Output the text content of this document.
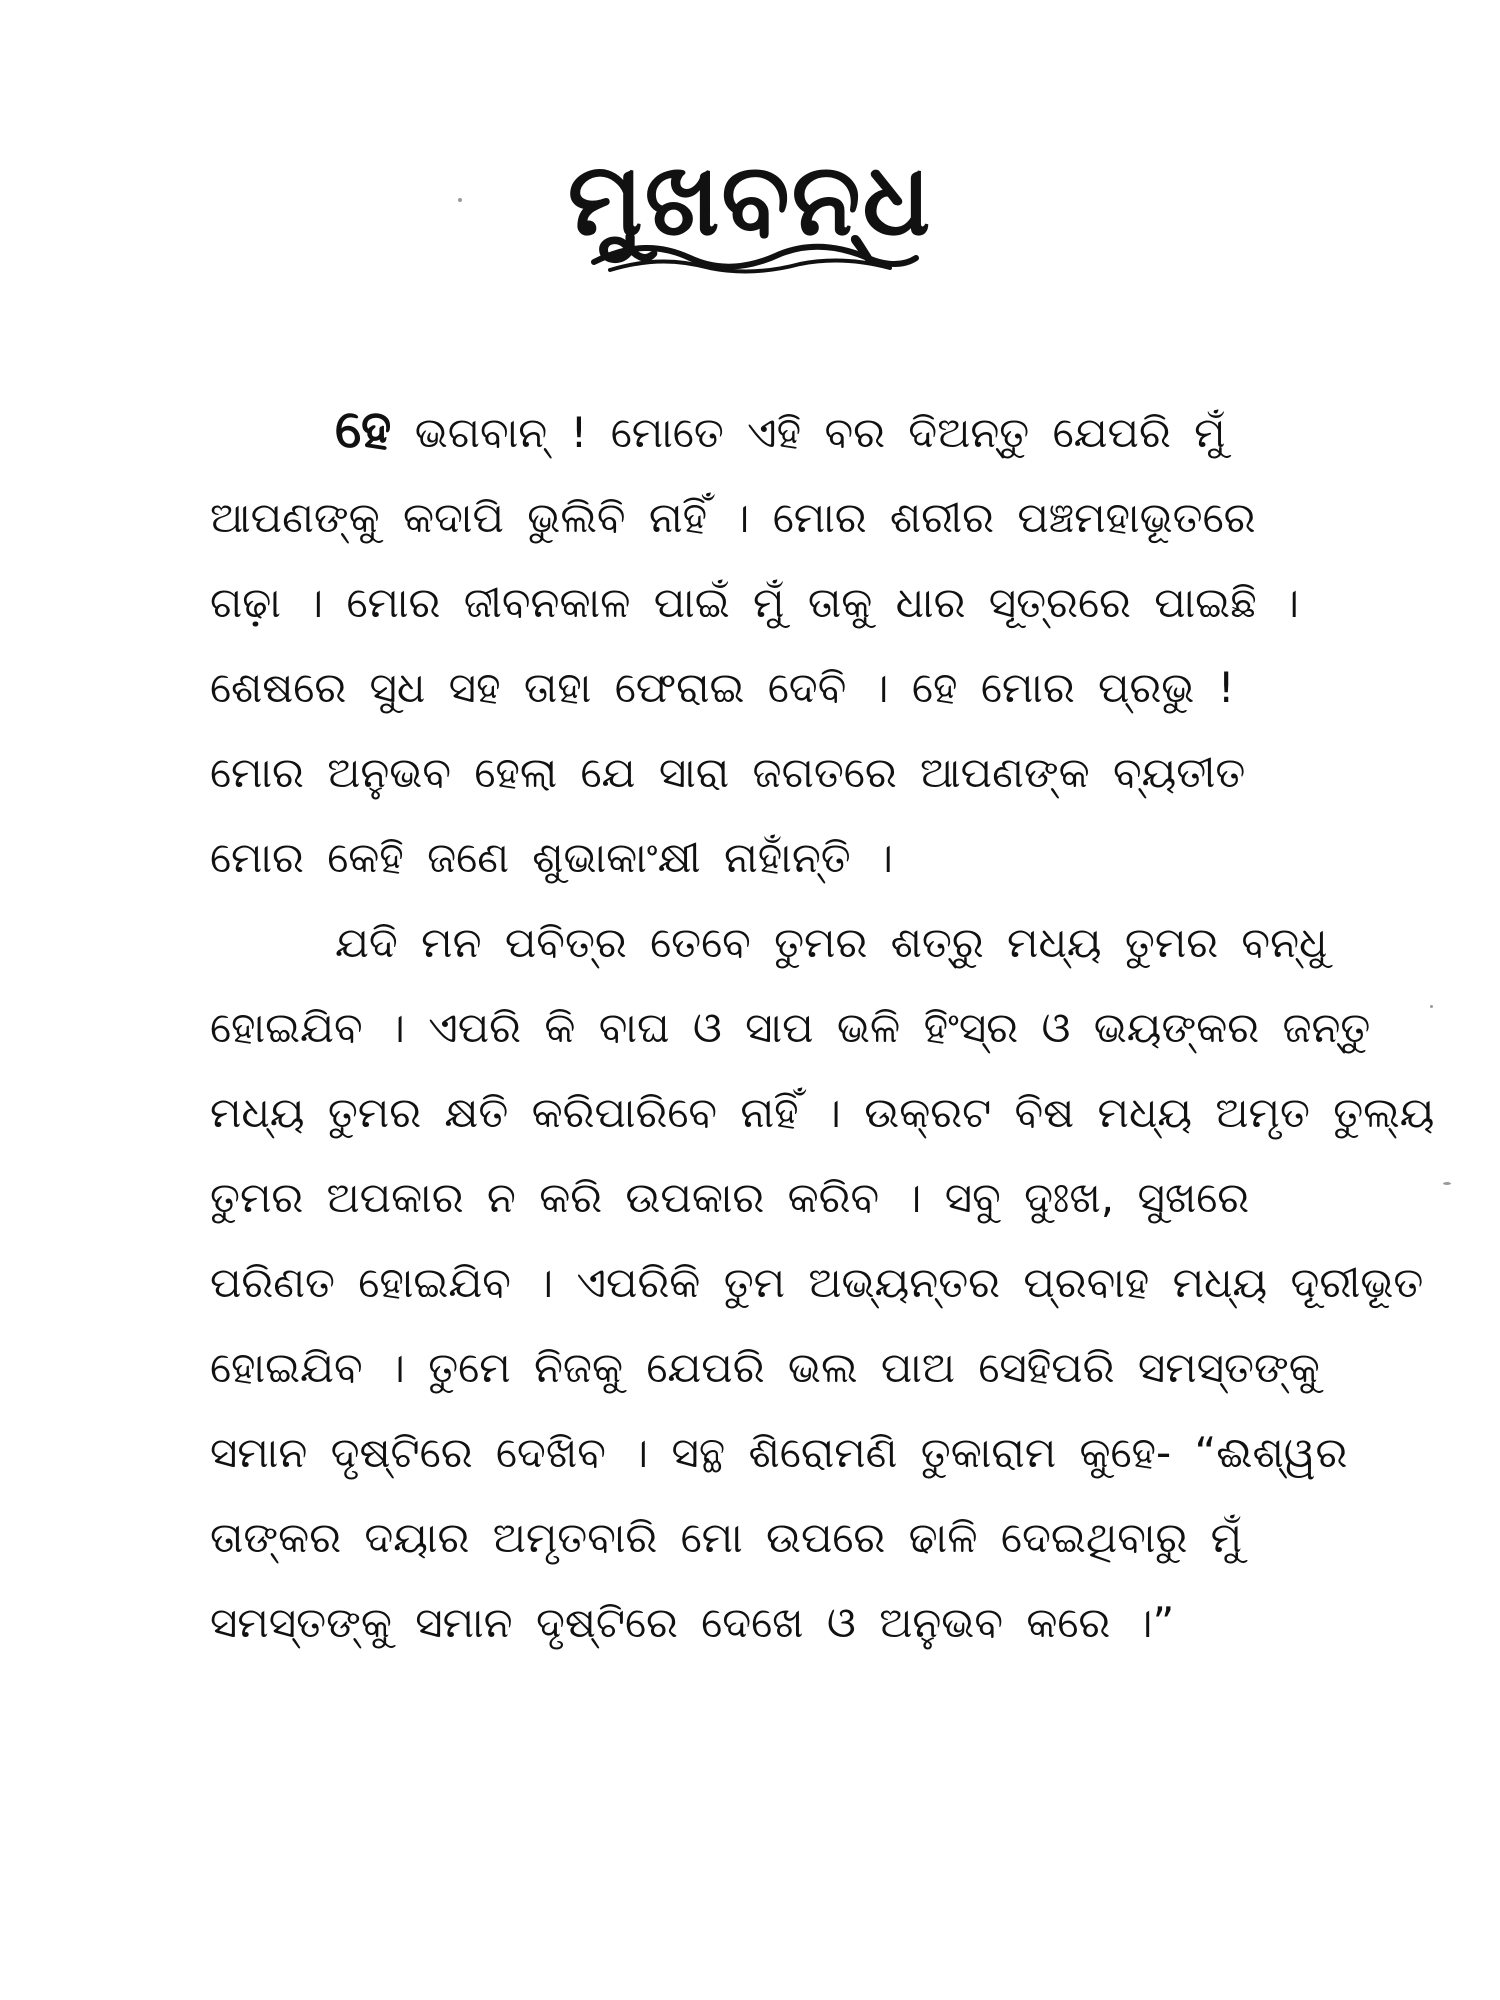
ମୁଖବନ୍ଧ
ହେ ଭଗବାନ୍ ! ମୋତେ ଏହି ବର ଦିଅନ୍ତୁ ଯେପରି ମୁଁ
ଆପଣଙ୍କୁ କଦାପି ଭୁଲିବି ନାହିଁ । ମୋର ଶରୀର ପଞ୍ଚମହାଭୂତରେ
ଗଢ଼ା । ମୋର ଜୀବନକାଳ ପାଇଁ ମୁଁ ତାକୁ ଧାର ସୂତ୍ରରେ ପାଇଛି ।
ଶେଷରେ ସୁଧ ସହ ତାହା ଫେରାଇ ଦେବି । ହେ ମୋର ପ୍ରଭୁ !
ମୋର ଅନୁଭବ ହେଲା ଯେ ସାରା ଜଗତରେ ଆପଣଙ୍କ ବ୍ୟତୀତ
ମୋର କେହି ଜଣେ ଶୁଭାକାଂକ୍ଷୀ ନାହାଁନ୍ତି ।
ଯଦି ମନ ପବିତ୍ର ତେବେ ତୁମର ଶତ୍ରୁ ମଧ୍ୟ ତୁମର ବନ୍ଧୁ
ହୋଇଯିବ । ଏପରି କି ବାଘ ଓ ସାପ ଭଳି ହିଂସ୍ର ଓ ଭୟଙ୍କର ଜନ୍ତୁ
ମଧ୍ୟ ତୁମର କ୍ଷତି କରିପାରିବେ ନାହିଁ । ଉକ୍ରଟ ବିଷ ମଧ୍ୟ ଅମୃତ ତୁଲ୍ୟ
ତୁମର ଅପକାର ନ କରି ଉପକାର କରିବ । ସବୁ ଦୁଃଖ, ସୁଖରେ
ପରିଣତ ହୋଇଯିବ । ଏପରିକି ତୁମ ଅଭ୍ୟନ୍ତର ପ୍ରବାହ ମଧ୍ୟ ଦୂରୀଭୂତ
ହୋଇଯିବ । ତୁମେ ନିଜକୁ ଯେପରି ଭଲ ପାଅ ସେହିପରି ସମସ୍ତଙ୍କୁ
ସମାନ ଦୃଷ୍ଟିରେ ଦେଖିବ । ସନ୍ଥ ଶିରୋମଣି ତୁକାରାମ କୁହେ- “ଈଶ୍ୱର
ତାଙ୍କର ଦୟାର ଅମୃତବାରି ମୋ ଉପରେ ଢାଳି ଦେଇଥିବାରୁ ମୁଁ
ସମସ୍ତଙ୍କୁ ସମାନ ଦୃଷ୍ଟିରେ ଦେଖେ ଓ ଅନୁଭବ କରେ ।”
